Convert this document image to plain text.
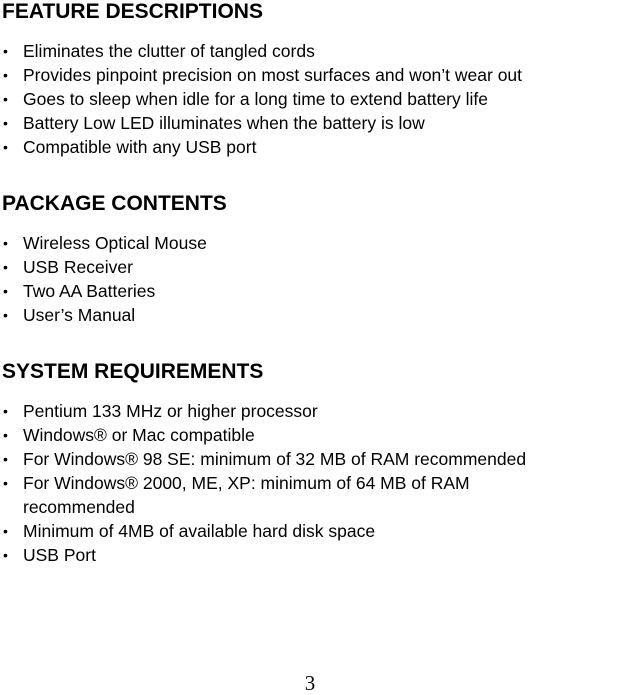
FEATURE DESCRIPTIONS
• Eliminates the clutter of tangled cords
• Provides pinpoint precision on most surfaces and won’t wear out
• Goes to sleep when idle for a long time to extend battery life
• Battery Low LED illuminates when the battery is low
• Compatible with any USB port
PACKAGE CONTENTS
• Wireless Optical Mouse
• USB Receiver
• Two AA Batteries
• User’s Manual
SYSTEM REQUIREMENTS
• Pentium 133 MHz or higher processor
• Windows® or Mac compatible
• For Windows® 98 SE: minimum of 32 MB of RAM recommended
• For Windows® 2000, ME, XP: minimum of 64 MB of RAM recommended
• Minimum of 4MB of available hard disk space
• USB Port
3
